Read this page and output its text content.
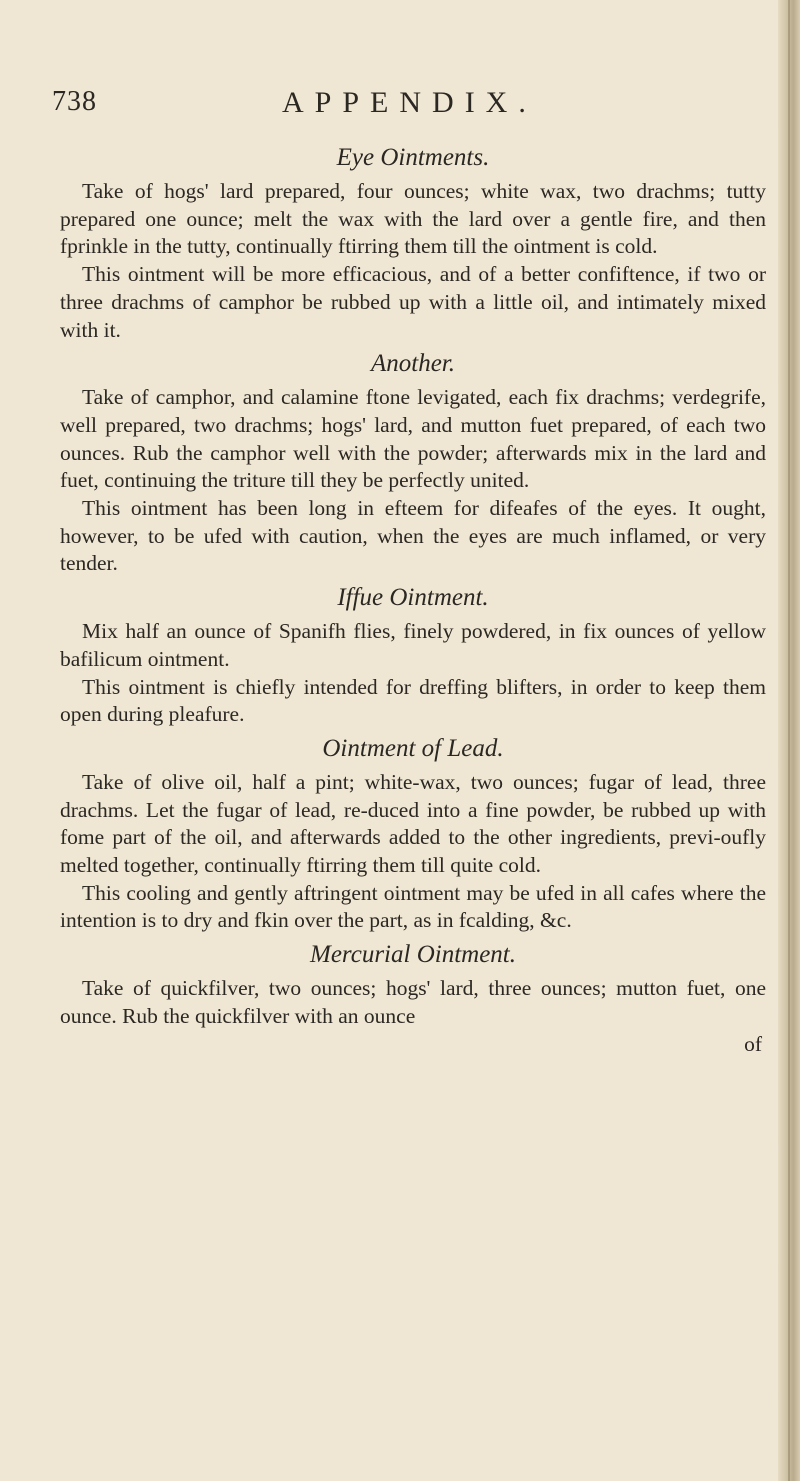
738	APPENDIX.
Eye Ointments.

Take of hogs' lard prepared, four ounces; white wax, two drachms; tutty prepared one ounce; melt the wax with the lard over a gentle fire, and then fprinkle in the tutty, continually ftirring them till the ointment is cold.

This ointment will be more efficacious, and of a better confiftence, if two or three drachms of camphor be rubbed up with a little oil, and intimately mixed with it.

Another.

Take of camphor, and calamine ftone levigated, each fix drachms; verdegrife, well prepared, two drachms; hogs' lard, and mutton fuet prepared, of each two ounces. Rub the camphor well with the powder; afterwards mix in the lard and fuet, continuing the triture till they be perfectly united.

This ointment has been long in efteem for difeafes of the eyes. It ought, however, to be ufed with caution, when the eyes are much inflamed, or very tender.

Iffue Ointment.

Mix half an ounce of Spanifh flies, finely powdered, in fix ounces of yellow bafilicum ointment.

This ointment is chiefly intended for dreffing blifters, in order to keep them open during pleafure.

Ointment of Lead.

Take of olive oil, half a pint; white-wax, two ounces; fugar of lead, three drachms. Let the fugar of lead, re-duced into a fine powder, be rubbed up with fome part of the oil, and afterwards added to the other ingredients, previ-oufly melted together, continually ftirring them till quite cold.

This cooling and gently aftringent ointment may be ufed in all cafes where the intention is to dry and fkin over the part, as in fcalding, &c.

Mercurial Ointment.

Take of quickfilver, two ounces; hogs' lard, three ounces; mutton fuet, one ounce. Rub the quickfilver with an ounce

of
